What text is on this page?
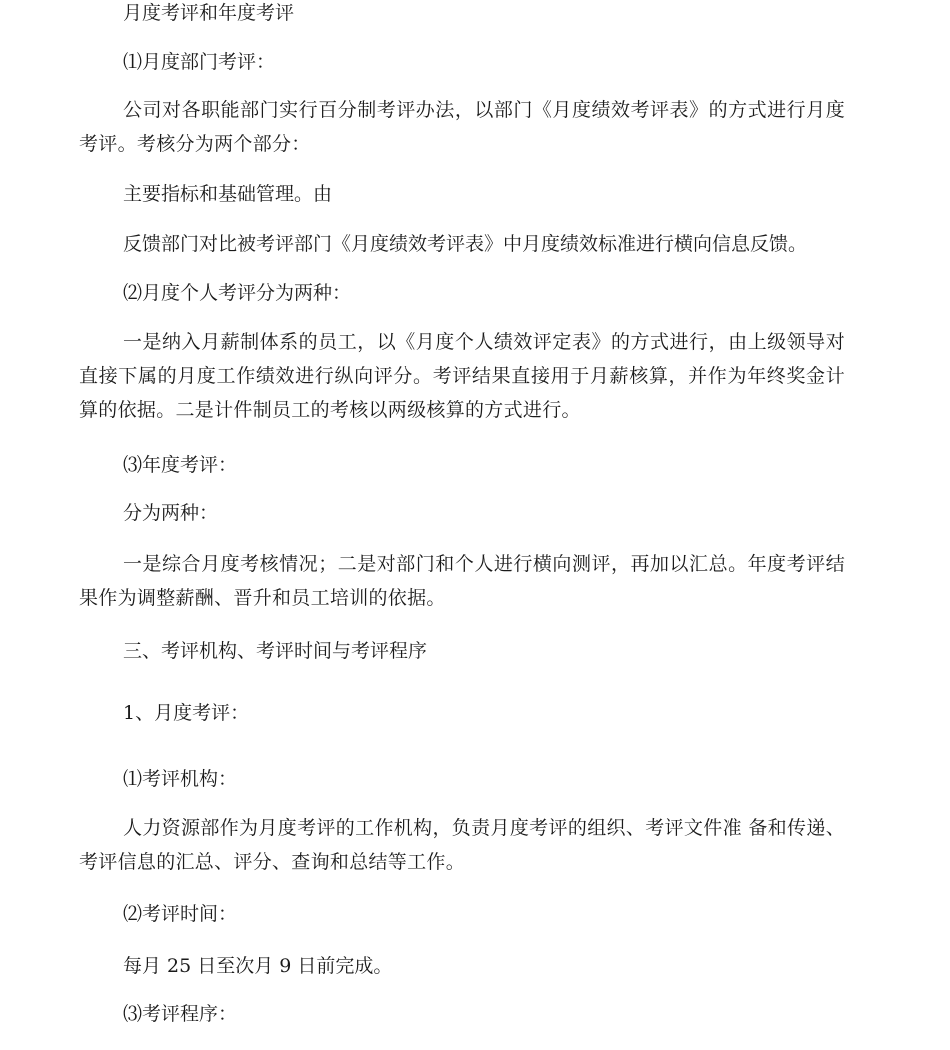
月度考评和年度考评

⑴月度部门考评：

公司对各职能部门实行百分制考评办法，以部门《月度绩效考评表》的方式进行月度考评。考核分为两个部分：

主要指标和基础管理。由

反馈部门对比被考评部门《月度绩效考评表》中月度绩效标准进行横向信息反馈。

⑵月度个人考评分为两种：

一是纳入月薪制体系的员工，以《月度个人绩效评定表》的方式进行，由上级领导对直接下属的月度工作绩效进行纵向评分。考评结果直接用于月薪核算，并作为年终奖金计算的依据。二是计件制员工的考核以两级核算的方式进行。

⑶年度考评：

分为两种：

一是综合月度考核情况；二是对部门和个人进行横向测评，再加以汇总。年度考评结果作为调整薪酬、晋升和员工培训的依据。

三、考评机构、考评时间与考评程序

1、月度考评：

⑴考评机构：

人力资源部作为月度考评的工作机构，负责月度考评的组织、考评文件准 备和传递、考评信息的汇总、评分、查询和总结等工作。

⑵考评时间：

每月 25 日至次月 9 日前完成。

⑶考评程序：
